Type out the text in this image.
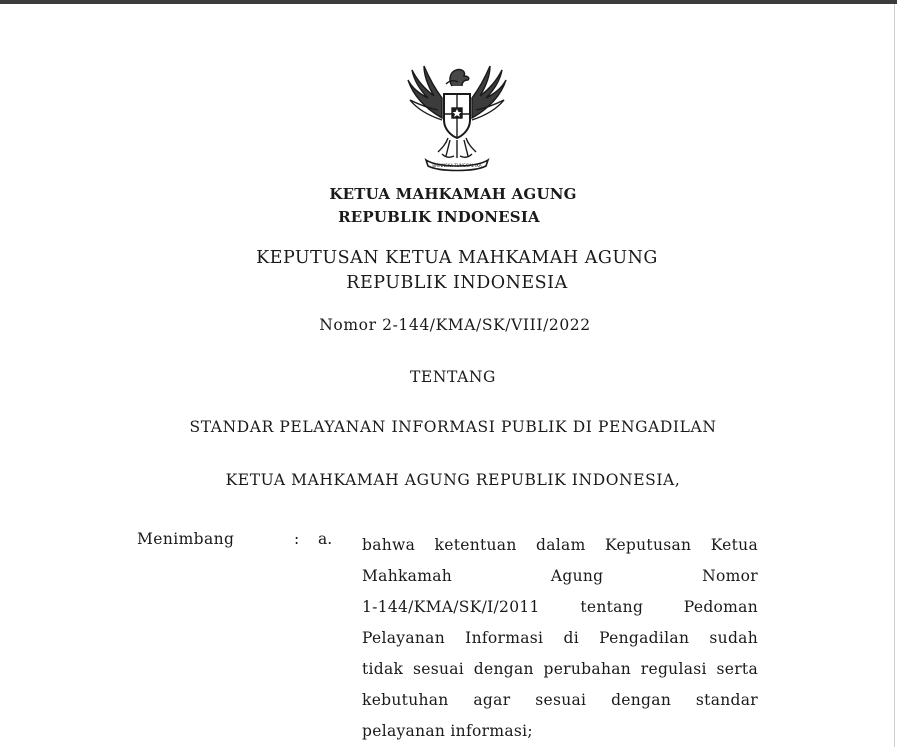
BHINNEKA TUNGGAL IKA
KETUA MAHKAMAH AGUNG
REPUBLIK INDONESIA
KEPUTUSAN KETUA MAHKAMAH AGUNG
REPUBLIK INDONESIA
Nomor 2-144/KMA/SK/VIII/2022
TENTANG
STANDAR PELAYANAN INFORMASI PUBLIK DI PENGADILAN
KETUA MAHKAMAH AGUNG REPUBLIK INDONESIA,
Menimbang	: a. bahwa ketentuan dalam Keputusan Ketua
Mahkamah Agung Nomor
1-144/KMA/SK/I/2011 tentang Pedoman
Pelayanan Informasi di Pengadilan sudah
tidak sesuai dengan perubahan regulasi serta
kebutuhan agar sesuai dengan standar
pelayanan informasi;
